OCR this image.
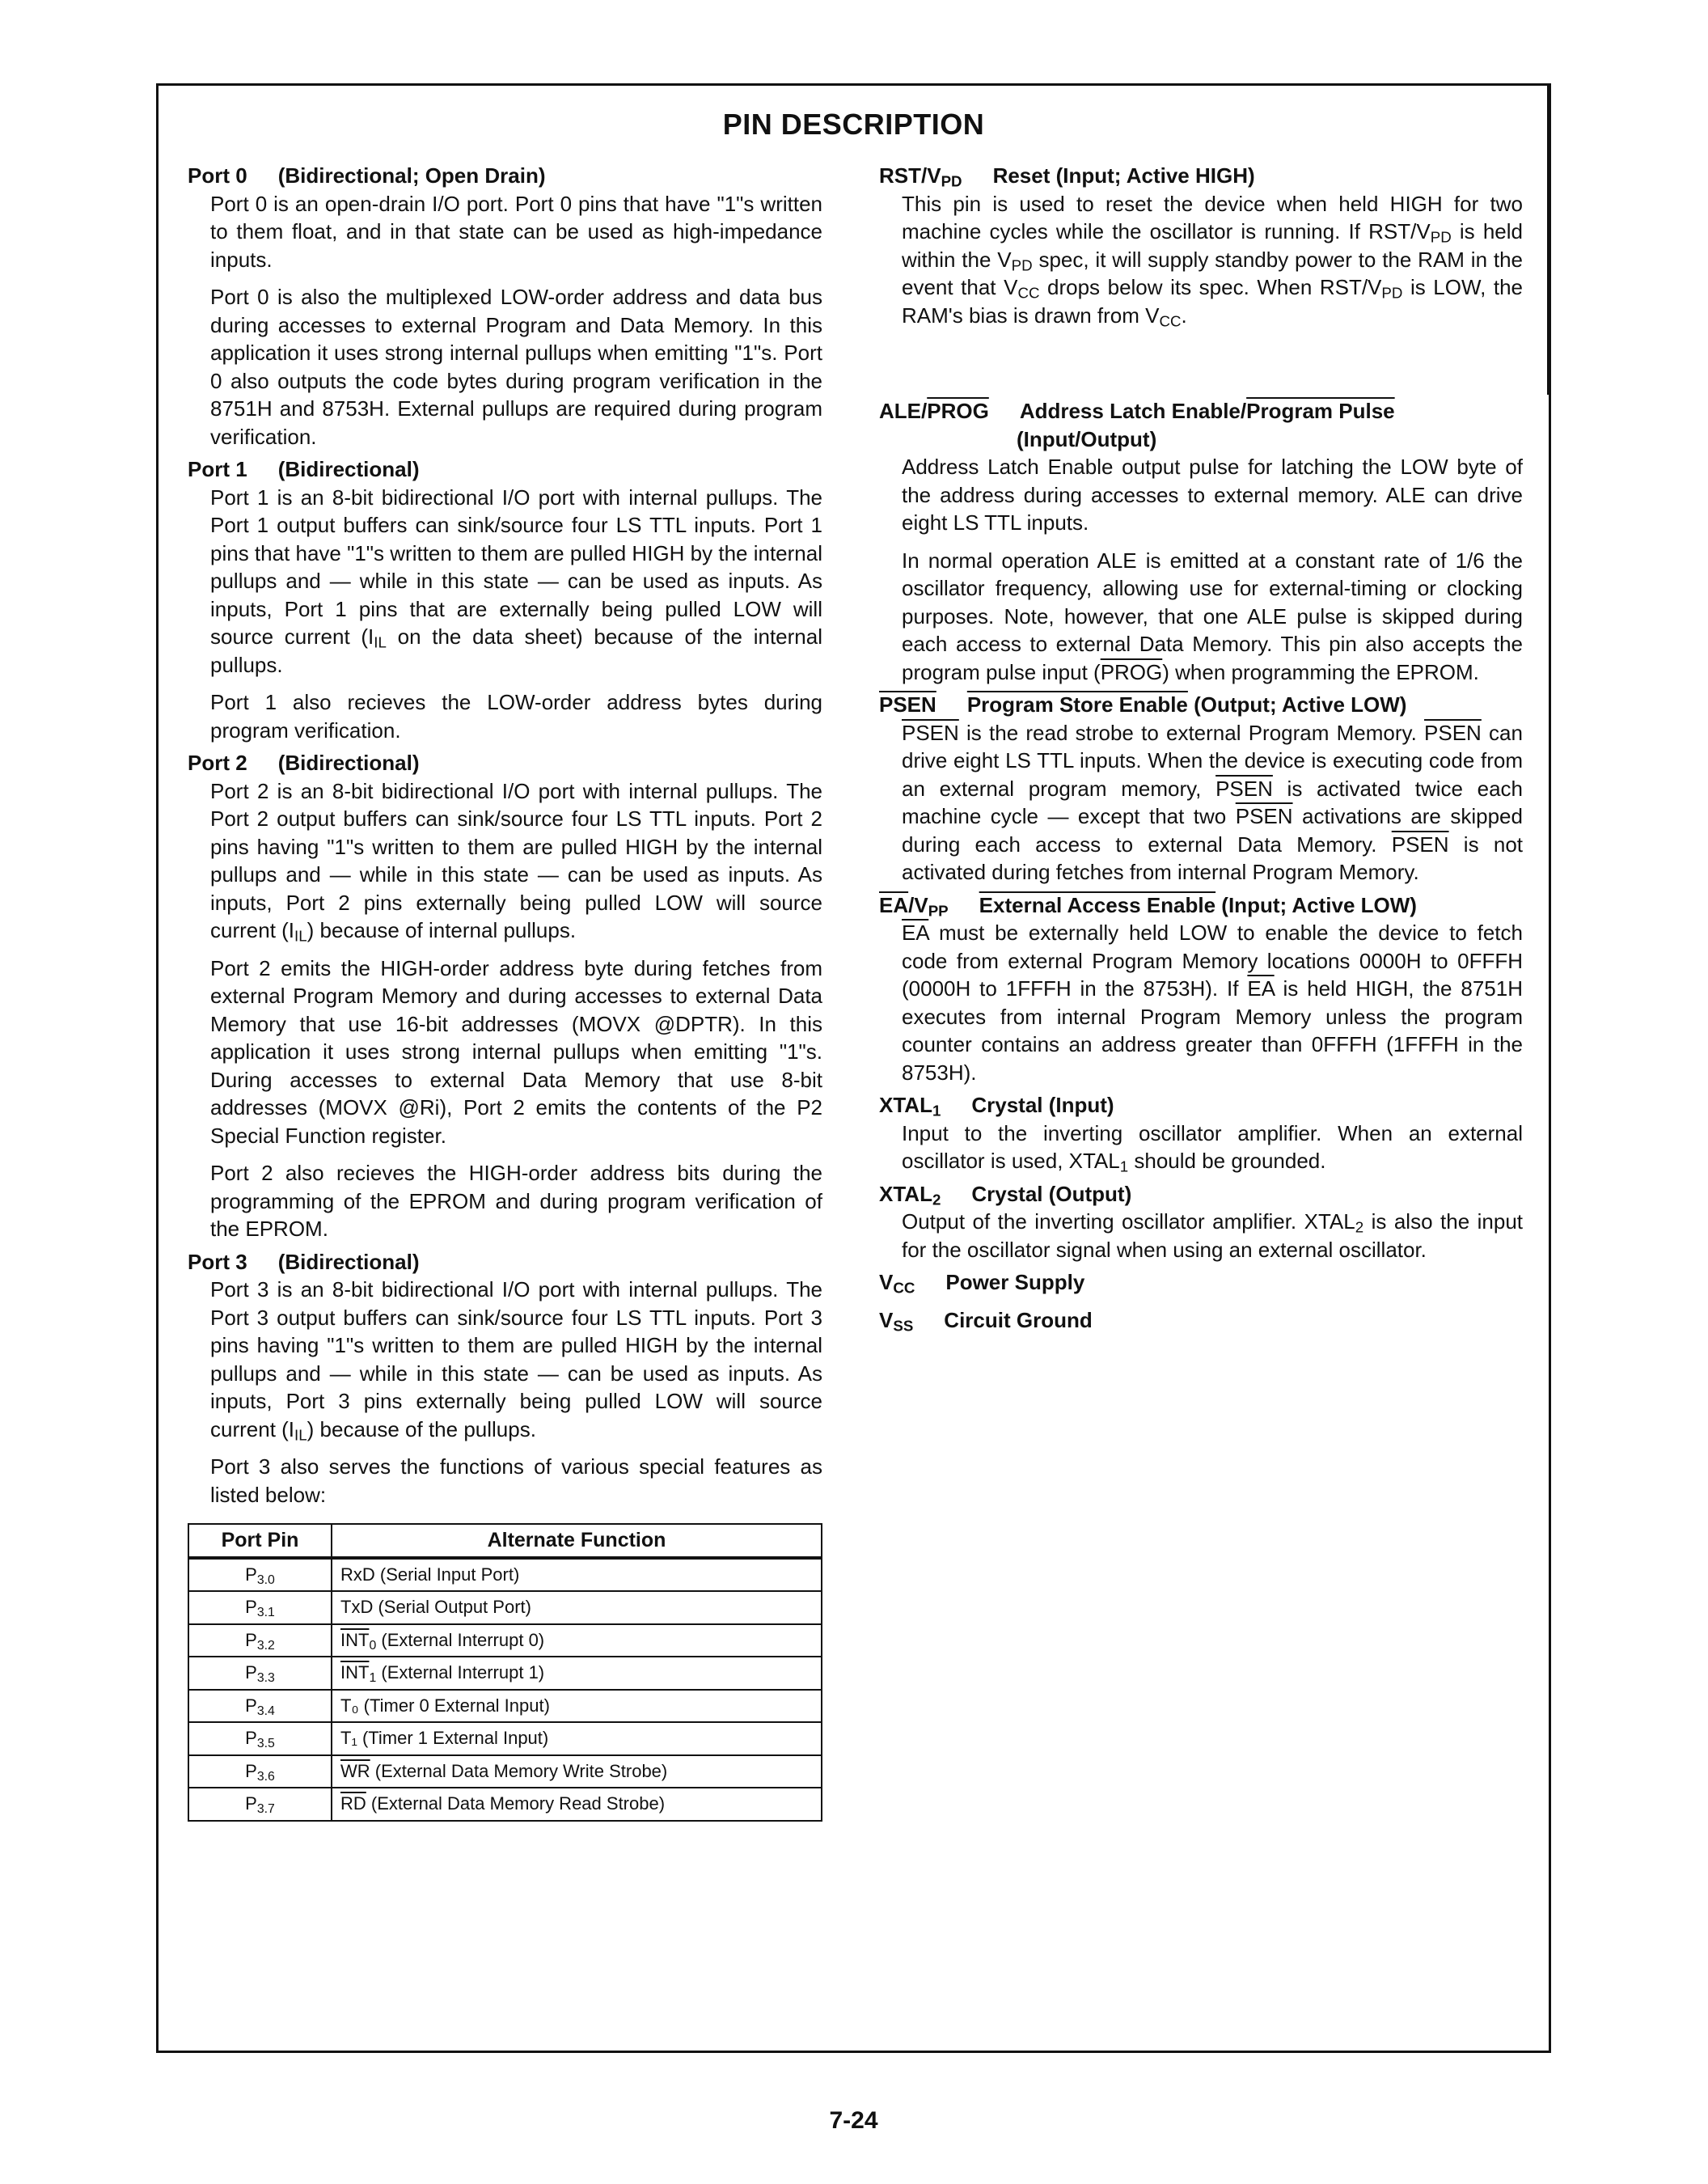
PIN DESCRIPTION
Port 0 (Bidirectional; Open Drain)

Port 0 is an open-drain I/O port. Port 0 pins that have "1"s written to them float, and in that state can be used as high-impedance inputs.

Port 0 is also the multiplexed LOW-order address and data bus during accesses to external Program and Data Memory. In this application it uses strong internal pullups when emitting "1"s. Port 0 also outputs the code bytes during program verification in the 8751H and 8753H. External pullups are required during program verification.

Port 1 (Bidirectional)

Port 1 is an 8-bit bidirectional I/O port with internal pullups. The Port 1 output buffers can sink/source four LS TTL inputs. Port 1 pins that have "1"s written to them are pulled HIGH by the internal pullups and — while in this state — can be used as inputs. As inputs, Port 1 pins that are externally being pulled LOW will source current ($I_{IL}$ on the data sheet) because of the internal pullups.

Port 1 also recieves the LOW-order address bytes during program verification.

Port 2 (Bidirectional)

Port 2 is an 8-bit bidirectional I/O port with internal pullups. The Port 2 output buffers can sink/source four LS TTL inputs. Port 2 pins having "1"s written to them are pulled HIGH by the internal pullups and — while in this state — can be used as inputs. As inputs, Port 2 pins externally being pulled LOW will source current $(I_{IL})$ because of internal pullups.

Port 2 emits the HIGH-order address byte during fetches from external Program Memory and during accesses to external Data Memory that use 16-bit addresses (MOVX @DPTR). In this application it uses strong internal pullups when emitting "1"s. During accesses to external Data Memory that use 8-bit addresses (MOVX @Ri), Port 2 emits the contents of the P2 Special Function register.

Port 2 also recieves the HIGH-order address bits during the programming of the EPROM and during program verification of the EPROM.

Port 3 (Bidirectional)

Port 3 is an 8-bit bidirectional I/O port with internal pullups. The Port 3 output buffers can sink/source four LS TTL inputs. Port 3 pins having "1"s written to them are pulled HIGH by the internal pullups and — while in this state — can be used as inputs. As inputs, Port 3 pins externally being pulled LOW will source current $(I_{IL})$ because of the pullups.

Port 3 also serves the functions of various special features as listed below:

Port Pin	Alternate Function
$P_{3.0}$	RxD (Serial Input Port)
$P_{3.1}$	TxD (Serial Output Port)
$P_{3.2}$	$\overline{INT}_0$ (External Interrupt 0)
$P_{3.3}$	$\overline{INT}_1$ (External Interrupt 1)
$P_{3.4}$	T₀ (Timer 0 External Input)
$P_{3.5}$	T₁ (Timer 1 External Input)
$P_{3.6}$	$\overline{WR}$ (External Data Memory Write Strobe)
$P_{3.7}$	$\overline{RD}$ (External Data Memory Read Strobe)
RST/$V_{PD}$ Reset (Input; Active HIGH)

This pin is used to reset the device when held HIGH for two machine cycles while the oscillator is running. If RST/$V_{PD}$ is held within the $V_{PD}$ spec, it will supply standby power to the RAM in the event that $V_{CC}$ drops below its spec. When RST/$V_{PD}$ is LOW, the RAM's bias is drawn from $V_{CC}$.

ALE/PROG Address Latch Enable/Program Pulse
(Input/Output)

Address Latch Enable output pulse for latching the LOW byte of the address during accesses to external memory. ALE can drive eight LS TTL inputs.

In normal operation ALE is emitted at a constant rate of 1/6 the oscillator frequency, allowing use for external-timing or clocking purposes. Note, however, that one ALE pulse is skipped during each access to external Data Memory. This pin also accepts the program pulse input (PROG) when programming the EPROM.

PSEN Program Store Enable (Output; Active LOW)

PSEN is the read strobe to external Program Memory. PSEN can drive eight LS TTL inputs. When the device is executing code from an external program memory, PSEN is activated twice each machine cycle — except that two PSEN activations are skipped during each access to external Data Memory. PSEN is not activated during fetches from internal Program Memory.

$\overline{EA}/V_{PP}$ External Access Enable (Input; Active LOW)

$\overline{EA}$ must be externally held LOW to enable the device to fetch code from external Program Memory locations 0000H to 0FFFH (0000H to 1FFFH in the 8753H). If $\overline{EA}$ is held HIGH, the 8751H executes from internal Program Memory unless the program counter contains an address greater than 0FFFH (1FFFH in the 8753H).

$XTAL_1$ Crystal (Input)

Input to the inverting oscillator amplifier. When an external oscillator is used, $XTAL_1$ should be grounded.

$XTAL_2$ Crystal (Output)

Output of the inverting oscillator amplifier. $XTAL_2$ is also the input for the oscillator signal when using an external oscillator.

$V_{CC}$ Power Supply
$V_{SS}$ Circuit Ground
7-24
